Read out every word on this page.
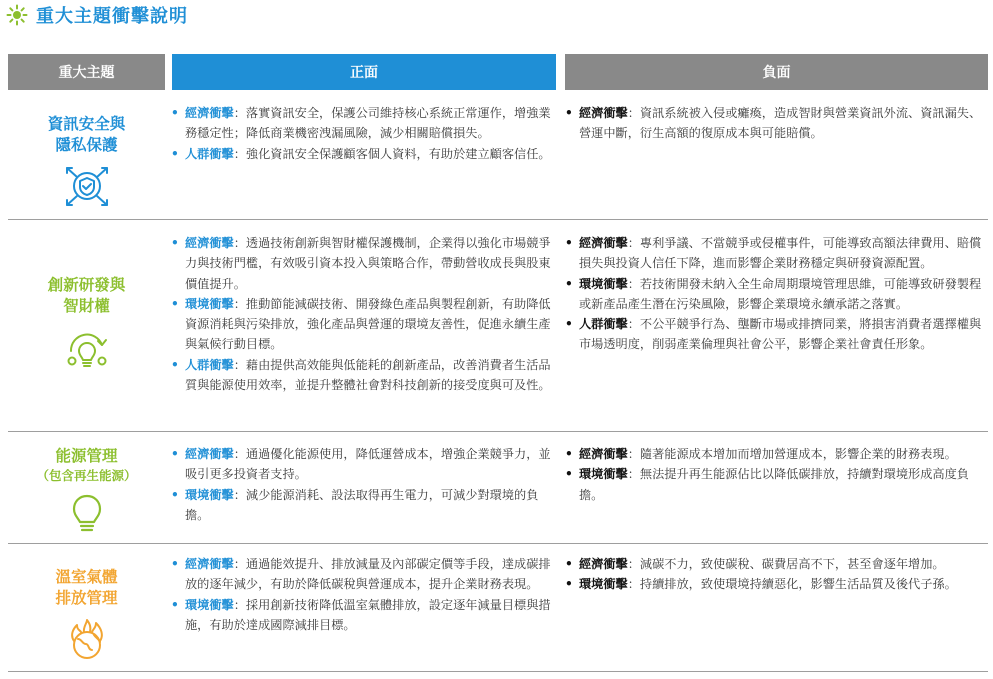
重大主題衝擊說明
重大主題	正面	負面
資訊安全與
隱私保護
• 經濟衝擊：落實資訊安全，保護公司維持核心系統正常運作，增強業務穩定性；降低商業機密洩漏風險，減少相關賠償損失。
• 人群衝擊：強化資訊安全保護顧客個人資料，有助於建立顧客信任。
• 經濟衝擊：資訊系統被入侵或癱瘓，造成智財與營業資訊外流、資訊漏失、營運中斷，衍生高額的復原成本與可能賠償。
創新研發與
智財權
• 經濟衝擊：透過技術創新與智財權保護機制，企業得以強化市場競爭力與技術門檻，有效吸引資本投入與策略合作，帶動營收成長與股東價值提升。
• 環境衝擊：推動節能減碳技術、開發綠色產品與製程創新，有助降低資源消耗與污染排放，強化產品與營運的環境友善性，促進永續生產與氣候行動目標。
• 人群衝擊：藉由提供高效能與低能耗的創新產品，改善消費者生活品質與能源使用效率，並提升整體社會對科技創新的接受度與可及性。
• 經濟衝擊：專利爭議、不當競爭或侵權事件，可能導致高額法律費用、賠償損失與投資人信任下降，進而影響企業財務穩定與研發資源配置。
• 環境衝擊：若技術開發未納入全生命周期環境管理思維，可能導致研發製程或新產品產生潛在污染風險，影響企業環境永續承諾之落實。
• 人群衝擊：不公平競爭行為、壟斷市場或排擠同業，將損害消費者選擇權與市場透明度，削弱產業倫理與社會公平，影響企業社會責任形象。
能源管理
（包含再生能源）
• 經濟衝擊：通過優化能源使用，降低運營成本，增強企業競爭力，並吸引更多投資者支持。
• 環境衝擊：減少能源消耗、設法取得再生電力，可減少對環境的負擔。
• 經濟衝擊：隨著能源成本增加而增加營運成本，影響企業的財務表現。
• 環境衝擊：無法提升再生能源佔比以降低碳排放，持續對環境形成高度負擔。
溫室氣體
排放管理
• 經濟衝擊：通過能效提升、排放減量及內部碳定價等手段，達成碳排放的逐年減少，有助於降低碳稅與營運成本，提升企業財務表現。
• 環境衝擊：採用創新技術降低溫室氣體排放，設定逐年減量目標與措施，有助於達成國際減排目標。
• 經濟衝擊：減碳不力，致使碳稅、碳費居高不下，甚至會逐年增加。
• 環境衝擊：持續排放，致使環境持續惡化，影響生活品質及後代子孫。
